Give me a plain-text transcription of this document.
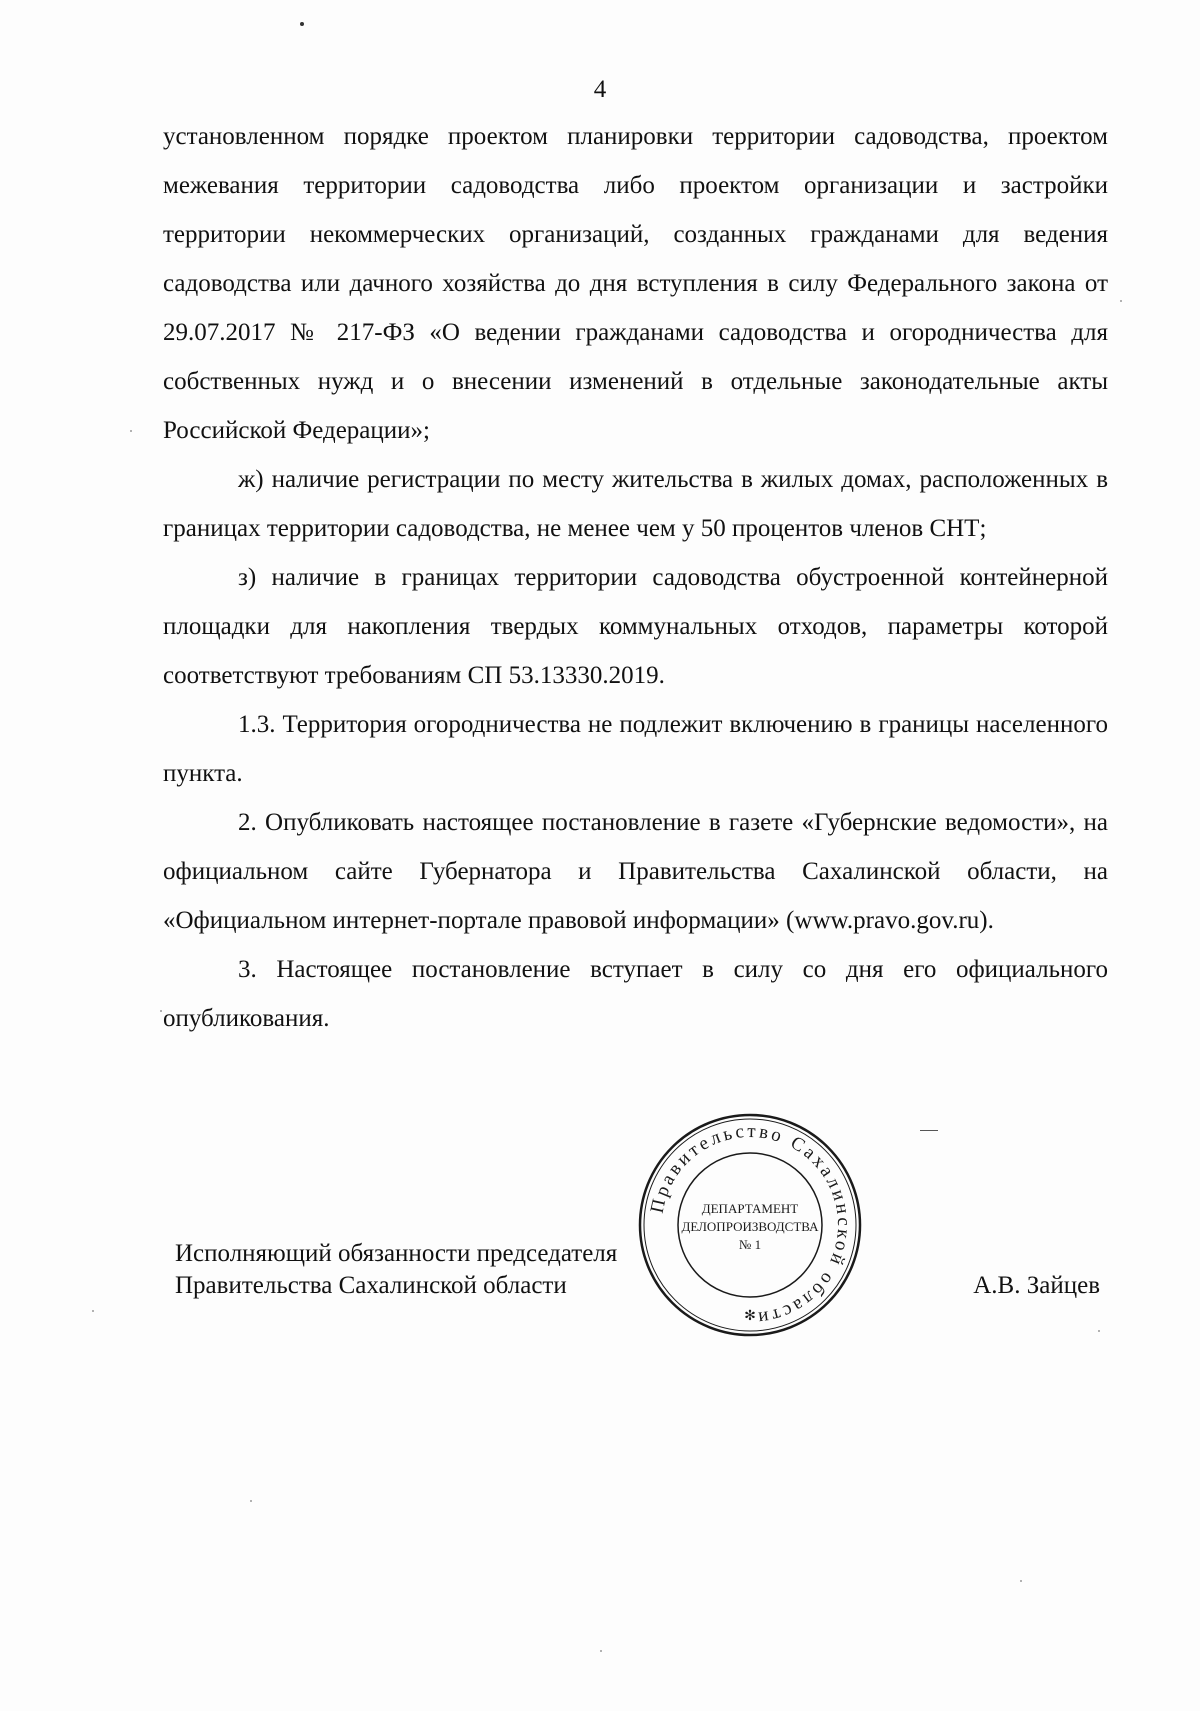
4

установленном порядке проектом планировки территории садоводства, проектом межевания территории садоводства либо проектом организации и застройки территории некоммерческих организаций, созданных гражданами для ведения садоводства или дачного хозяйства до дня вступления в силу Федерального закона от 29.07.2017 № 217-ФЗ «О ведении гражданами садоводства и огородничества для собственных нужд и о внесении изменений в отдельные законодательные акты Российской Федерации»;

ж) наличие регистрации по месту жительства в жилых домах, расположенных в границах территории садоводства, не менее чем у 50 процентов членов СНТ;

з) наличие в границах территории садоводства обустроенной контейнерной площадки для накопления твердых коммунальных отходов, параметры которой соответствуют требованиям СП 53.13330.2019.

1.3. Территория огородничества не подлежит включению в границы населенного пункта.

2. Опубликовать настоящее постановление в газете «Губернские ведомости», на официальном сайте Губернатора и Правительства Сахалинской области, на «Официальном интернет-портале правовой информации» (www.pravo.gov.ru).

3. Настоящее постановление вступает в силу со дня его официального опубликования.

Исполняющий обязанности председателя
Правительства Сахалинской области	А.В. Зайцев
Правительство Сахалинской области
ДЕПАРТАМЕНТ
ДЕЛОПРОИЗВОДСТВА
№ 1
✻
